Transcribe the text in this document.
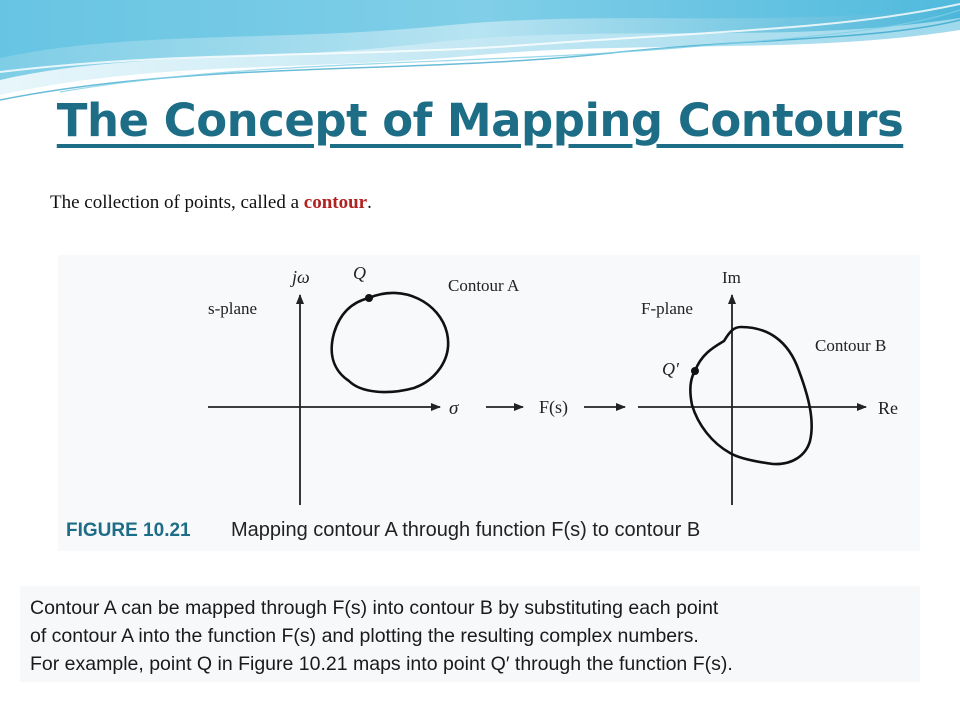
The Concept of Mapping Contours

The collection of points, called a contour.

s-plane
jω
σ
Q
Contour A
F(s)
Im
F-plane
Re
Q′
Contour B
FIGURE 10.21 Mapping contour A through function F(s) to contour B

Contour A can be mapped through F(s) into contour B by substituting each point
of contour A into the function F(s) and plotting the resulting complex numbers.
For example, point Q in Figure 10.21 maps into point Q′ through the function F(s).
